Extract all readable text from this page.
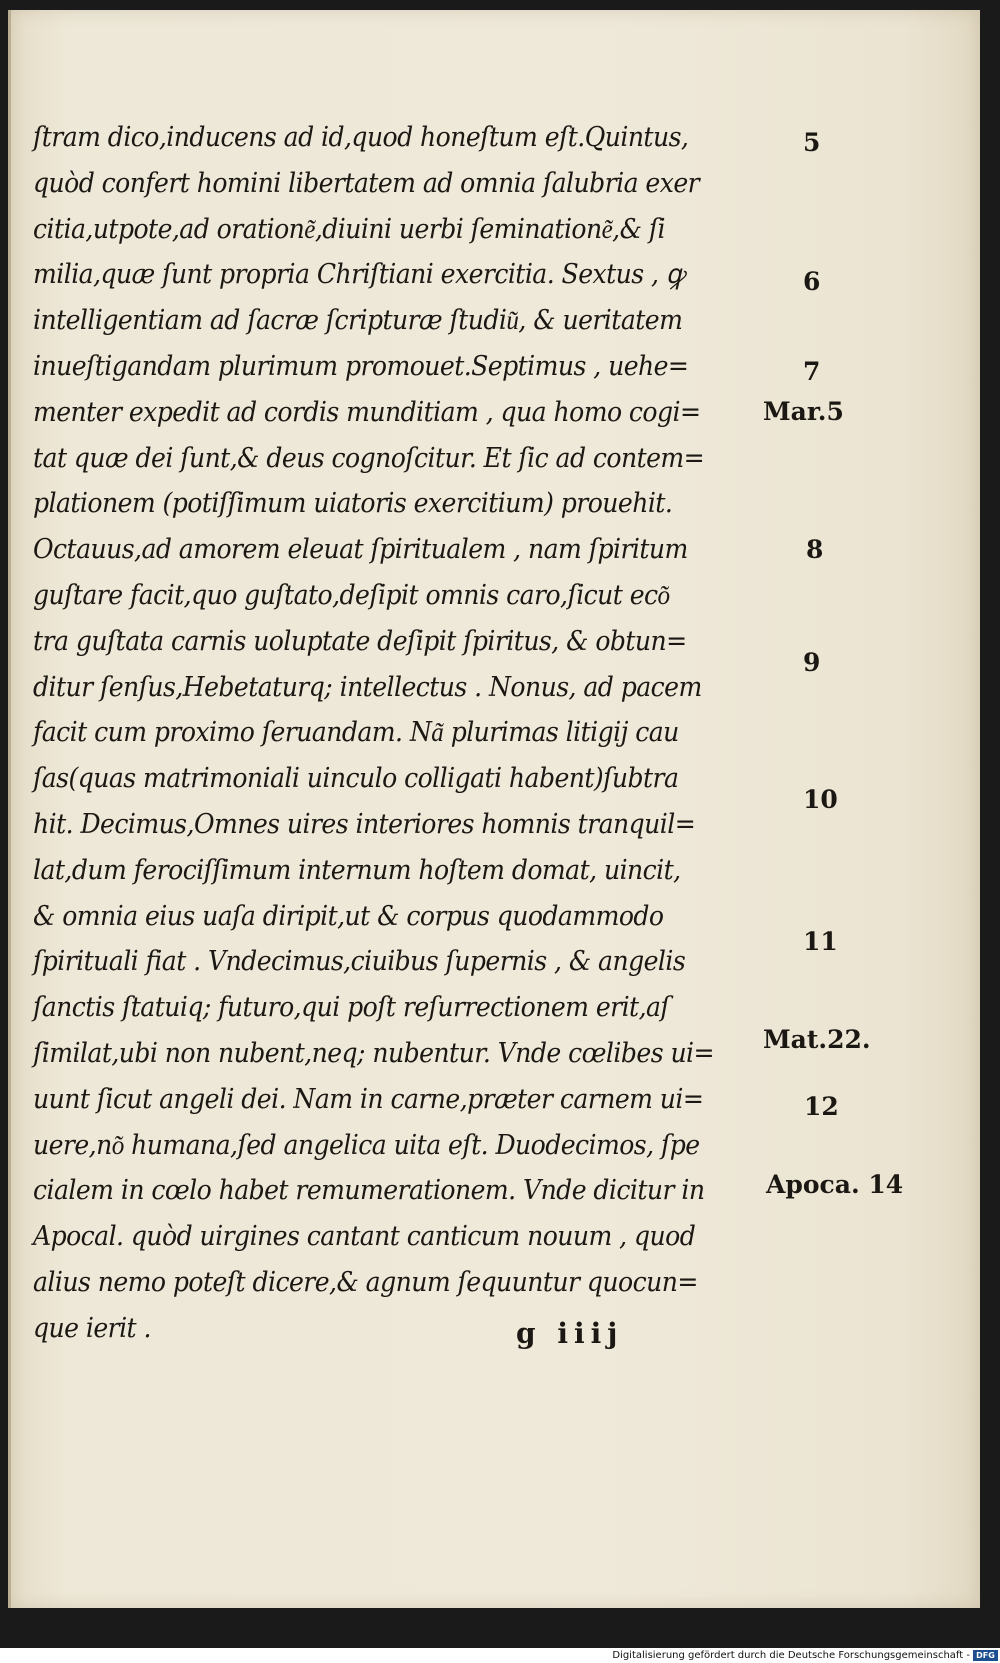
ſtram dico,inducens ad id,quod honeſtum eſt.Quintus,
quòd confert homini libertatem ad omnia ſalubria exer
citia,utpote,ad oratione͂,diuini uerbi ſeminatione͂,& ſi
milia,quæ ſunt propria Chriſtiani exercitia. Sextus , ꝙ
intelligentiam ad ſacræ ſcripturæ ſtudiu͂, & ueritatem
inueſtigandam plurimum promouet.Septimus , uehe=
menter expedit ad cordis munditiam , qua homo cogi=
tat quæ dei ſunt,& deus cognoſcitur. Et ſic ad contem=
plationem (potiſſimum uiatoris exercitium) prouehit.
Octauus,ad amorem eleuat ſpiritualem , nam ſpiritum
guſtare facit,quo guſtato,deſipit omnis caro,ſicut eco͂
tra guſtata carnis uoluptate deſipit ſpiritus, & obtun=
ditur ſenſus,Hebetaturq; intellectus . Nonus, ad pacem
facit cum proximo ſeruandam. Na͂ plurimas litigij cau
ſas(quas matrimoniali uinculo colligati habent)ſubtra
hit. Decimus,Omnes uires interiores homnis tranquil=
lat,dum ferociſſimum internum hoſtem domat, uincit,
& omnia eius uaſa diripit,ut & corpus quodammodo
ſpirituali fiat . Vndecimus,ciuibus ſupernis , & angelis
ſanctis ſtatuiq; futuro,qui poſt reſurrectionem erit,aſ
ſimilat,ubi non nubent,neq; nubentur. Vnde cœlibes ui=
uunt ſicut angeli dei. Nam in carne,præter carnem ui=
uere,no͂ humana,ſed angelica uita eſt. Duodecimos, ſpe
cialem in cœlo habet remumerationem. Vnde dicitur in
Apocal. quòd uirgines cantant canticum nouum , quod
alius nemo poteſt dicere,& agnum ſequuntur quocun=
que ierit .
5
6
7
Mar.5
8
9
10
11
Mat.22.
12
Apoca. 14
g iiij
Digitalisierung gefördert durch die Deutsche Forschungsgemeinschaft - DFG
